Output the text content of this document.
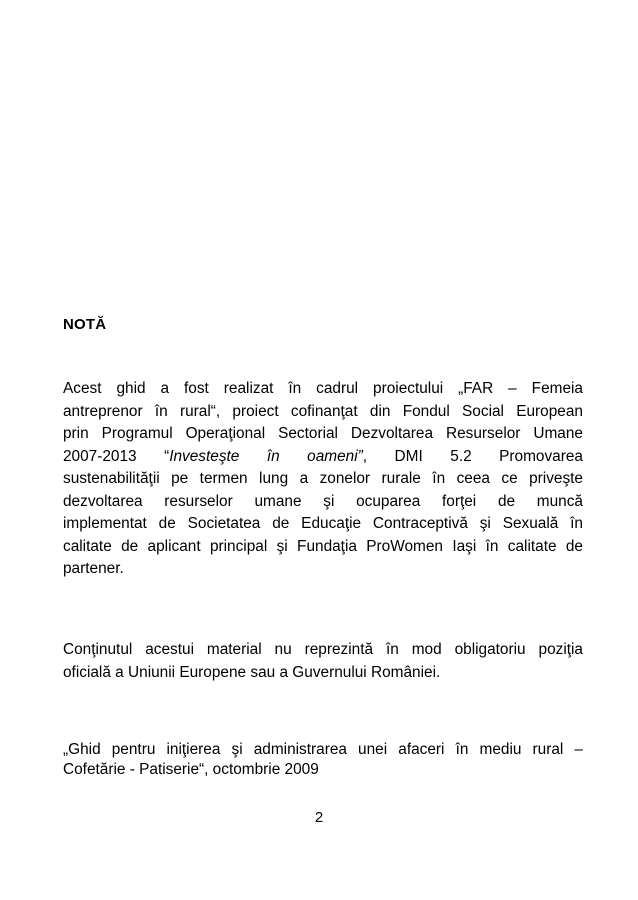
NOTĂ
Acest ghid a fost realizat în cadrul proiectului „FAR – Femeia
antreprenor în rural“, proiect cofinanţat din Fondul Social European
prin Programul Operaţional Sectorial Dezvoltarea Resurselor Umane
2007-2013 “Investeşte în oameni”, DMI 5.2 Promovarea
sustenabilităţii pe termen lung a zonelor rurale în ceea ce priveşte
dezvoltarea resurselor umane şi ocuparea forţei de muncă
implementat de Societatea de Educaţie Contraceptivă şi Sexuală în
calitate de aplicant principal şi Fundaţia ProWomen Iaşi în calitate de
partener.
Conţinutul acestui material nu reprezintă în mod obligatoriu poziţia
oficială a Uniunii Europene sau a Guvernului României.
„Ghid pentru iniţierea şi administrarea unei afaceri în mediu rural –
Cofetărie - Patiserie“, octombrie 2009
2
